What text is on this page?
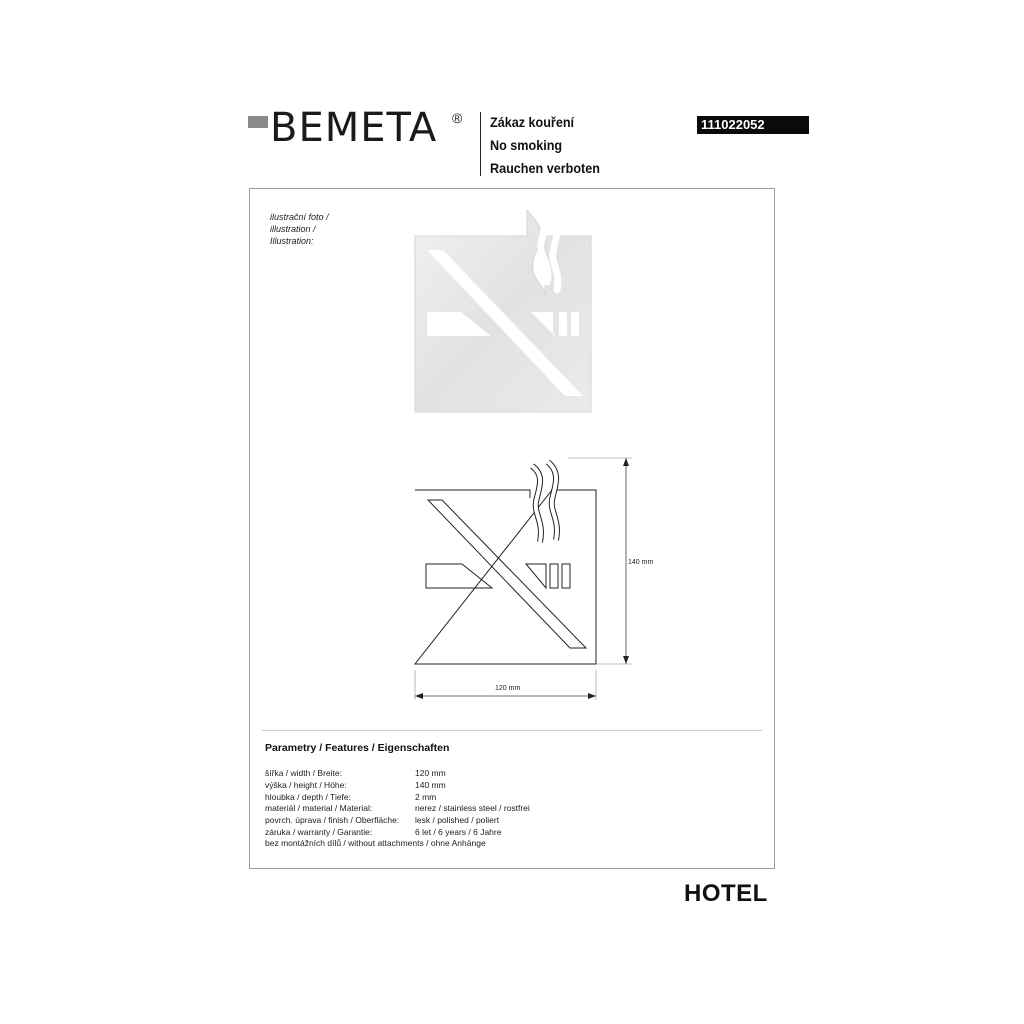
BEMETA ® Zákaz kouření
No smoking
Rauchen verboten
111022052
ilustrační foto /
illustration /
Illustration:
140 mm
120 mm
Parametry / Features / Eigenschaften
šířka / width / Breite:	120 mm
výška / height / Höhe:	140 mm
hloubka / depth / Tiefe:	2 mm
materiál / material / Material:	nerez / stainless steel / rostfrei
povrch. úprava / finish / Oberfläche: lesk / polished / poliert
záruka / warranty / Garantie:	6 let / 6 years / 6 Jahre
bez montážních dílů / without attachments / ohne Anhänge
HOTEL
